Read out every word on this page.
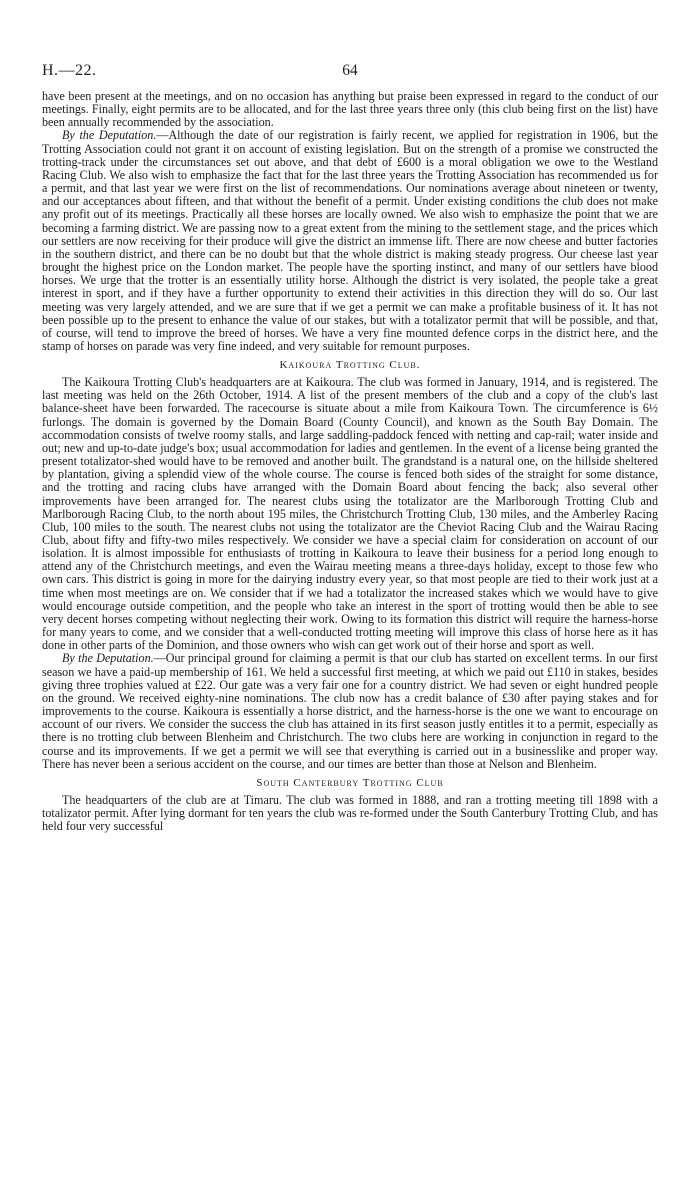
H.—22.	64

have been present at the meetings, and on no occasion has anything but praise been expressed in regard to the conduct of our meetings. Finally, eight permits are to be allocated, and for the last three years three only (this club being first on the list) have been annually recommended by the association.

By the Deputation.—Although the date of our registration is fairly recent, we applied for registration in 1906, but the Trotting Association could not grant it on account of existing legislation. But on the strength of a promise we constructed the trotting-track under the circumstances set out above, and that debt of £600 is a moral obligation we owe to the Westland Racing Club. We also wish to emphasize the fact that for the last three years the Trotting Association has recommended us for a permit, and that last year we were first on the list of recommendations. Our nominations average about nineteen or twenty, and our acceptances about fifteen, and that without the benefit of a permit. Under existing conditions the club does not make any profit out of its meetings. Practically all these horses are locally owned. We also wish to emphasize the point that we are becoming a farming district. We are passing now to a great extent from the mining to the settlement stage, and the prices which our settlers are now receiving for their produce will give the district an immense lift. There are now cheese and butter factories in the southern district, and there can be no doubt but that the whole district is making steady progress. Our cheese last year brought the highest price on the London market. The people have the sporting instinct, and many of our settlers have blood horses. We urge that the trotter is an essentially utility horse. Although the district is very isolated, the people take a great interest in sport, and if they have a further opportunity to extend their activities in this direction they will do so. Our last meeting was very largely attended, and we are sure that if we get a permit we can make a profitable business of it. It has not been possible up to the present to enhance the value of our stakes, but with a totalizator permit that will be possible, and that, of course, will tend to improve the breed of horses. We have a very fine mounted defence corps in the district here, and the stamp of horses on parade was very fine indeed, and very suitable for remount purposes.

Kaikoura Trotting Club.

The Kaikoura Trotting Club's headquarters are at Kaikoura. The club was formed in January, 1914, and is registered. The last meeting was held on the 26th October, 1914. A list of the present members of the club and a copy of the club's last balance-sheet have been forwarded. The racecourse is situate about a mile from Kaikoura Town. The circumference is 6½ furlongs. The domain is governed by the Domain Board (County Council), and known as the South Bay Domain. The accommodation consists of twelve roomy stalls, and large saddling-paddock fenced with netting and cap-rail; water inside and out; new and up-to-date judge's box; usual accommodation for ladies and gentlemen. In the event of a license being granted the present totalizator-shed would have to be removed and another built. The grandstand is a natural one, on the hillside sheltered by plantation, giving a splendid view of the whole course. The course is fenced both sides of the straight for some distance, and the trotting and racing clubs have arranged with the Domain Board about fencing the back; also several other improvements have been arranged for. The nearest clubs using the totalizator are the Marlborough Trotting Club and Marlborough Racing Club, to the north about 195 miles, the Christchurch Trotting Club, 130 miles, and the Amberley Racing Club, 100 miles to the south. The nearest clubs not using the totalizator are the Cheviot Racing Club and the Wairau Racing Club, about fifty and fifty-two miles respectively. We consider we have a special claim for consideration on account of our isolation. It is almost impossible for enthusiasts of trotting in Kaikoura to leave their business for a period long enough to attend any of the Christchurch meetings, and even the Wairau meeting means a three-days holiday, except to those few who own cars. This district is going in more for the dairying industry every year, so that most people are tied to their work just at a time when most meetings are on. We consider that if we had a totalizator the increased stakes which we would have to give would encourage outside competition, and the people who take an interest in the sport of trotting would then be able to see very decent horses competing without neglecting their work. Owing to its formation this district will require the harness-horse for many years to come, and we consider that a well-conducted trotting meeting will improve this class of horse here as it has done in other parts of the Dominion, and those owners who wish can get work out of their horse and sport as well.

By the Deputation.—Our principal ground for claiming a permit is that our club has started on excellent terms. In our first season we have a paid-up membership of 161. We held a successful first meeting, at which we paid out £110 in stakes, besides giving three trophies valued at £22. Our gate was a very fair one for a country district. We had seven or eight hundred people on the ground. We received eighty-nine nominations. The club now has a credit balance of £30 after paying stakes and for improvements to the course. Kaikoura is essentially a horse district, and the harness-horse is the one we want to encourage on account of our rivers. We consider the success the club has attained in its first season justly entitles it to a permit, especially as there is no trotting club between Blenheim and Christchurch. The two clubs here are working in conjunction in regard to the course and its improvements. If we get a permit we will see that everything is carried out in a businesslike and proper way. There has never been a serious accident on the course, and our times are better than those at Nelson and Blenheim.

South Canterbury Trotting Club

The headquarters of the club are at Timaru. The club was formed in 1888, and ran a trotting meeting till 1898 with a totalizator permit. After lying dormant for ten years the club was re-formed under the South Canterbury Trotting Club, and has held four very successful
